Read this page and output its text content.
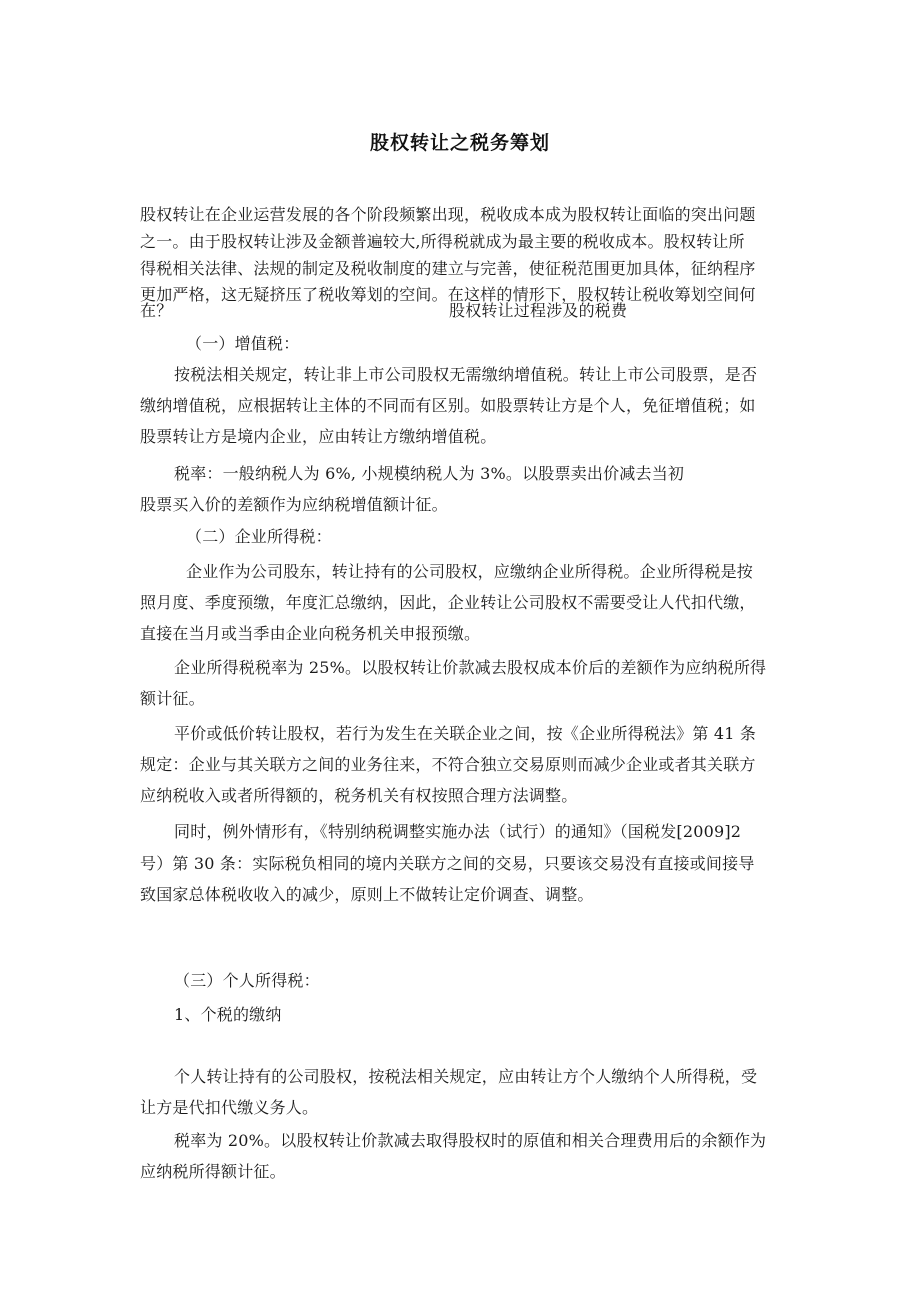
股权转让之税务筹划
股权转让在企业运营发展的各个阶段频繁出现，税收成本成为股权转让面临的突出问题
之一。由于股权转让涉及金额普遍较大,所得税就成为最主要的税收成本。股权转让所
得税相关法律、法规的制定及税收制度的建立与完善，使征税范围更加具体，征纳程序
更加严格，这无疑挤压了税收筹划的空间。在这样的情形下，股权转让税收筹划空间何
在？	股权转让过程涉及的税费
（一）增值税：
按税法相关规定，转让非上市公司股权无需缴纳增值税。转让上市公司股票，是否
缴纳增值税，应根据转让主体的不同而有区别。如股票转让方是个人，免征增值税；如
股票转让方是境内企业，应由转让方缴纳增值税。
税率：一般纳税人为 6%, 小规模纳税人为 3%。以股票卖出价减去当初
股票买入价的差额作为应纳税增值额计征。
（二）企业所得税：
企业作为公司股东，转让持有的公司股权，应缴纳企业所得税。企业所得税是按
照月度、季度预缴，年度汇总缴纳，因此，企业转让公司股权不需要受让人代扣代缴，
直接在当月或当季由企业向税务机关申报预缴。
企业所得税税率为 25%。以股权转让价款减去股权成本价后的差额作为应纳税所得
额计征。
平价或低价转让股权，若行为发生在关联企业之间，按《企业所得税法》第 41 条
规定：企业与其关联方之间的业务往来，不符合独立交易原则而减少企业或者其关联方
应纳税收入或者所得额的，税务机关有权按照合理方法调整。
同时，例外情形有，《特别纳税调整实施办法（试行）的通知》（国税发[2009]2
号）第 30 条：实际税负相同的境内关联方之间的交易，只要该交易没有直接或间接导
致国家总体税收收入的减少，原则上不做转让定价调查、调整。
（三）个人所得税：
1、个税的缴纳
个人转让持有的公司股权，按税法相关规定，应由转让方个人缴纳个人所得税，受
让方是代扣代缴义务人。
税率为 20%。以股权转让价款减去取得股权时的原值和相关合理费用后的余额作为
应纳税所得额计征。
